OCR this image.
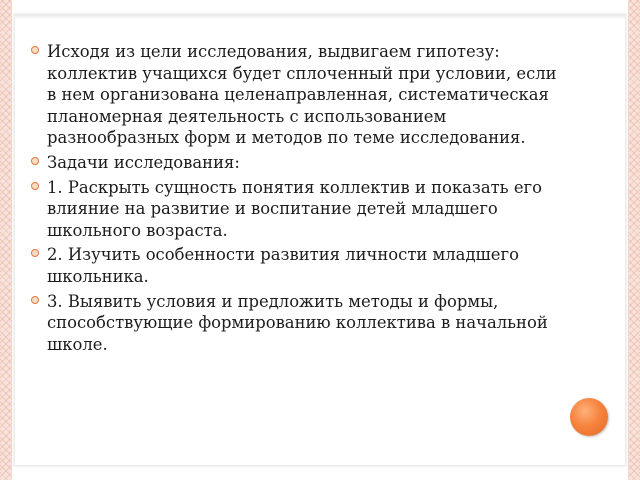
Исходя из цели исследования, выдвигаем гипотезу: коллектив учащихся будет сплоченный при условии, если в нем организована целенаправленная, систематическая планомерная деятельность с использованием разнообразных форм и методов по теме исследования.
Задачи исследования:
1. Раскрыть сущность понятия коллектив и показать его влияние на развитие и воспитание детей младшего школьного возраста.
2. Изучить особенности развития личности младшего школьника.
3. Выявить условия и предложить методы и формы, способствующие формированию коллектива в начальной школе.
